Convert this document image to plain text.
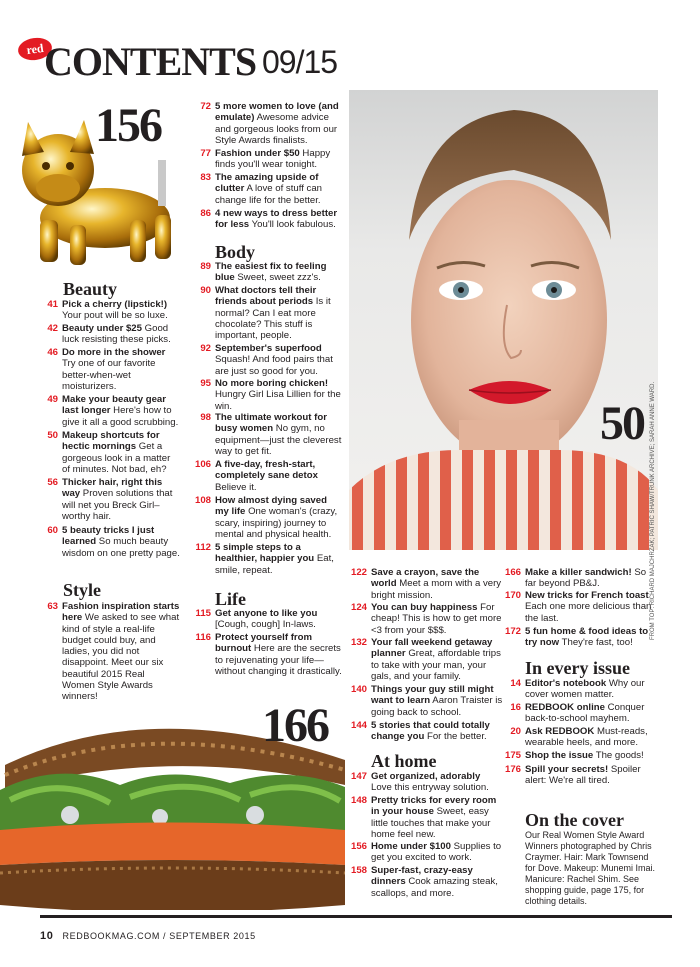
red CONTENTS 09/15
156
50
166
Beauty
41 Pick a cherry (lipstick!) Your pout will be so luxe.
42 Beauty under $25 Good luck resisting these picks.
46 Do more in the shower Try one of our favorite better-when-wet moisturizers.
49 Make your beauty gear last longer Here's how to give it all a good scrubbing.
50 Makeup shortcuts for hectic mornings Get a gorgeous look in a matter of minutes. Not bad, eh?
56 Thicker hair, right this way Proven solutions that will net you Breck Girl–worthy hair.
60 5 beauty tricks I just learned So much beauty wisdom on one pretty page.
Style
63 Fashion inspiration starts here We asked to see what kind of style a real-life budget could buy, and ladies, you did not disappoint. Meet our six beautiful 2015 Real Women Style Awards winners!
72 5 more women to love (and emulate) Awesome advice and gorgeous looks from our Style Awards finalists.
77 Fashion under $50 Happy finds you'll wear tonight.
83 The amazing upside of clutter A love of stuff can change life for the better.
86 4 new ways to dress better for less You'll look fabulous.
Body
89 The easiest fix to feeling blue Sweet, sweet zzz's.
90 What doctors tell their friends about periods Is it normal? Can I eat more chocolate? This stuff is important, people.
92 September's superfood Squash! And food pairs that are just so good for you.
95 No more boring chicken! Hungry Girl Lisa Lillien for the win.
98 The ultimate workout for busy women No gym, no equipment—just the cleverest way to get fit.
106 A five-day, fresh-start, completely sane detox Believe it.
108 How almost dying saved my life One woman's (crazy, scary, inspiring) journey to mental and physical health.
112 5 simple steps to a healthier, happier you Eat, smile, repeat.
Life
115 Get anyone to like you [Cough, cough] In-laws.
116 Protect yourself from burnout Here are the secrets to rejuvenating your life—without changing it drastically.
122 Save a crayon, save the world Meet a mom with a very bright mission.
124 You can buy happiness For cheap! This is how to get more <3 from your $$$.
132 Your fall weekend getaway planner Great, affordable trips to take with your man, your gals, and your family.
140 Things your guy still might want to learn Aaron Traister is going back to school.
144 5 stories that could totally change you For the better.
At home
147 Get organized, adorably Love this entryway solution.
148 Pretty tricks for every room in your house Sweet, easy little touches that make your home feel new.
156 Home under $100 Supplies to get you excited to work.
158 Super-fast, crazy-easy dinners Cook amazing steak, scallops, and more.
166 Make a killer sandwich! So far beyond PB&J.
170 New tricks for French toast Each one more delicious than the last.
172 5 fun home & food ideas to try now They're fast, too!
In every issue
14 Editor's notebook Why our cover women matter.
16 REDBOOK online Conquer back-to-school mayhem.
20 Ask REDBOOK Must-reads, wearable heels, and more.
175 Shop the issue The goods!
176 Spill your secrets! Spoiler alert: We're all tired.
On the cover
Our Real Women Style Award Winners photographed by Chris Craymer. Hair: Mark Townsend for Dove. Makeup: Munemi Imai. Manicure: Rachel Shim. See shopping guide, page 175, for clothing details.
FROM TOP: RICHARD MAJCHRZAK; PATRIC SHAW/TRUNK ARCHIVE; SARAH ANNE WARD.
10 REDBOOKMAG.COM / SEPTEMBER 2015
